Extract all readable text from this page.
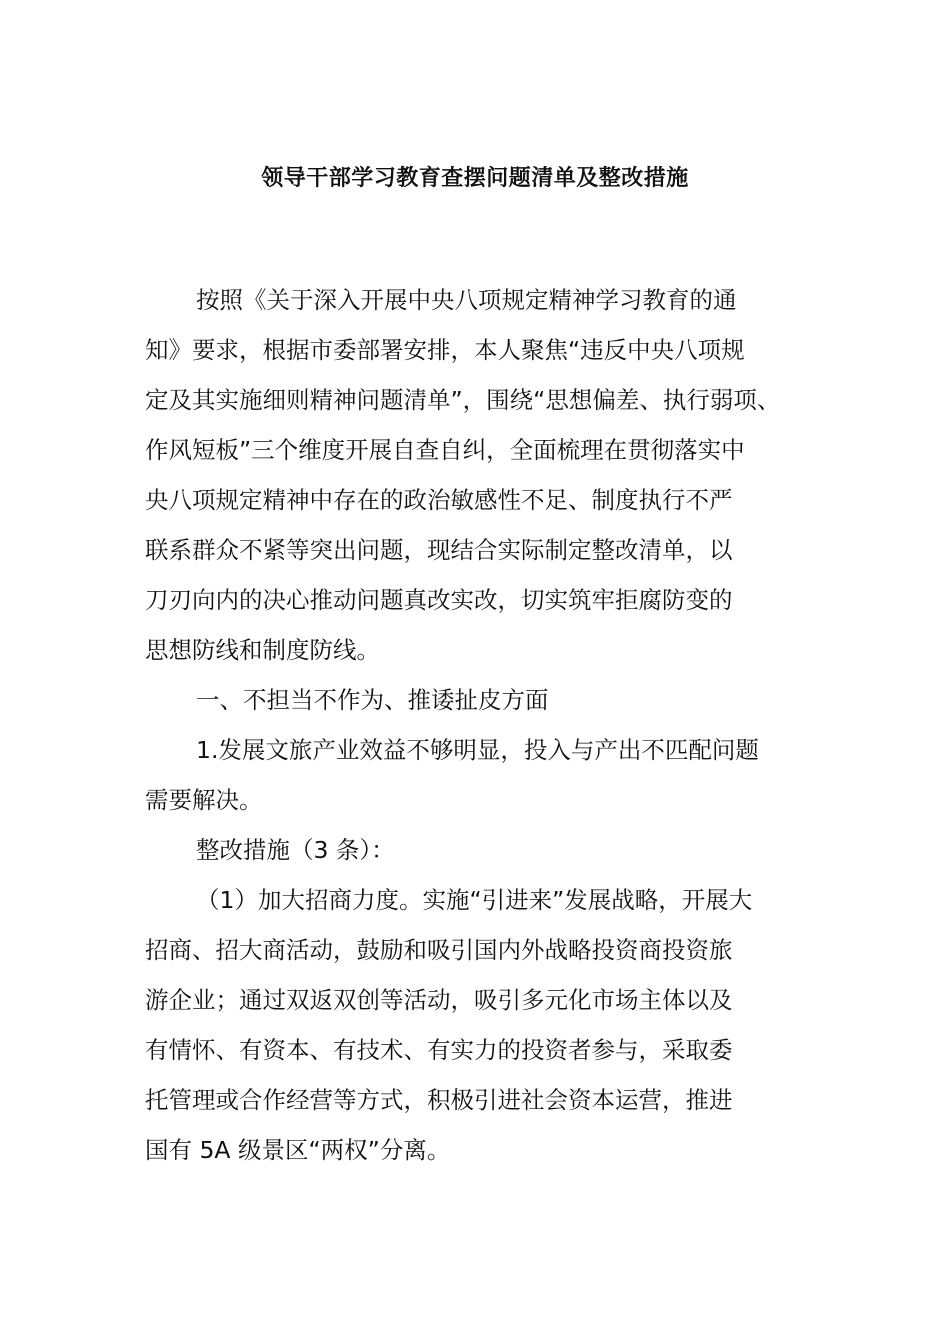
领导干部学习教育查摆问题清单及整改措施
按照《关于深入开展中央八项规定精神学习教育的通
知》要求，根据市委部署安排，本人聚焦“违反中央八项规
定及其实施细则精神问题清单”，围绕“思想偏差、执行弱项、
作风短板”三个维度开展自查自纠，全面梳理在贯彻落实中
央八项规定精神中存在的政治敏感性不足、制度执行不严
联系群众不紧等突出问题，现结合实际制定整改清单，以
刀刃向内的决心推动问题真改实改，切实筑牢拒腐防变的
思想防线和制度防线。
一、不担当不作为、推诿扯皮方面
1.发展文旅产业效益不够明显，投入与产出不匹配问题
需要解决。
整改措施（3 条）：
（1）加大招商力度。实施“引进来”发展战略，开展大
招商、招大商活动，鼓励和吸引国内外战略投资商投资旅
游企业；通过双返双创等活动，吸引多元化市场主体以及
有情怀、有资本、有技术、有实力的投资者参与，采取委
托管理或合作经营等方式，积极引进社会资本运营，推进
国有 5A 级景区“两权”分离。
